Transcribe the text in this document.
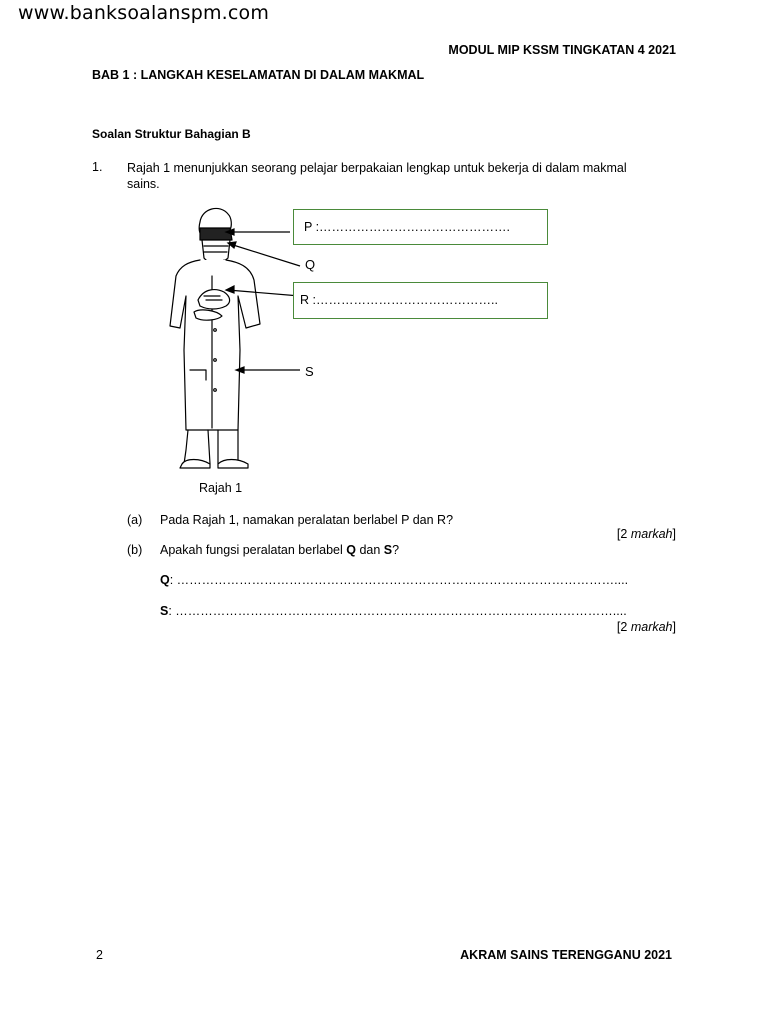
www.banksoalanspm.com
MODUL MIP KSSM TINGKATAN 4 2021
BAB 1 : LANGKAH KESELAMATAN DI DALAM MAKMAL
Soalan Struktur Bahagian B
1. Rajah 1 menunjukkan seorang pelajar berpakaian lengkap untuk bekerja di dalam makmal
sains.
P :……………………………………….
Q
R :……………………………………..
S
Rajah 1
(a) Pada Rajah 1, namakan peralatan berlabel P dan R?
[2 markah]
(b) Apakah fungsi peralatan berlabel Q dan S?
Q: ……………………………………………………………………………………………....
S: ……………………………………………………………………………………………....
[2 markah]
2	AKRAM SAINS TERENGGANU 2021
